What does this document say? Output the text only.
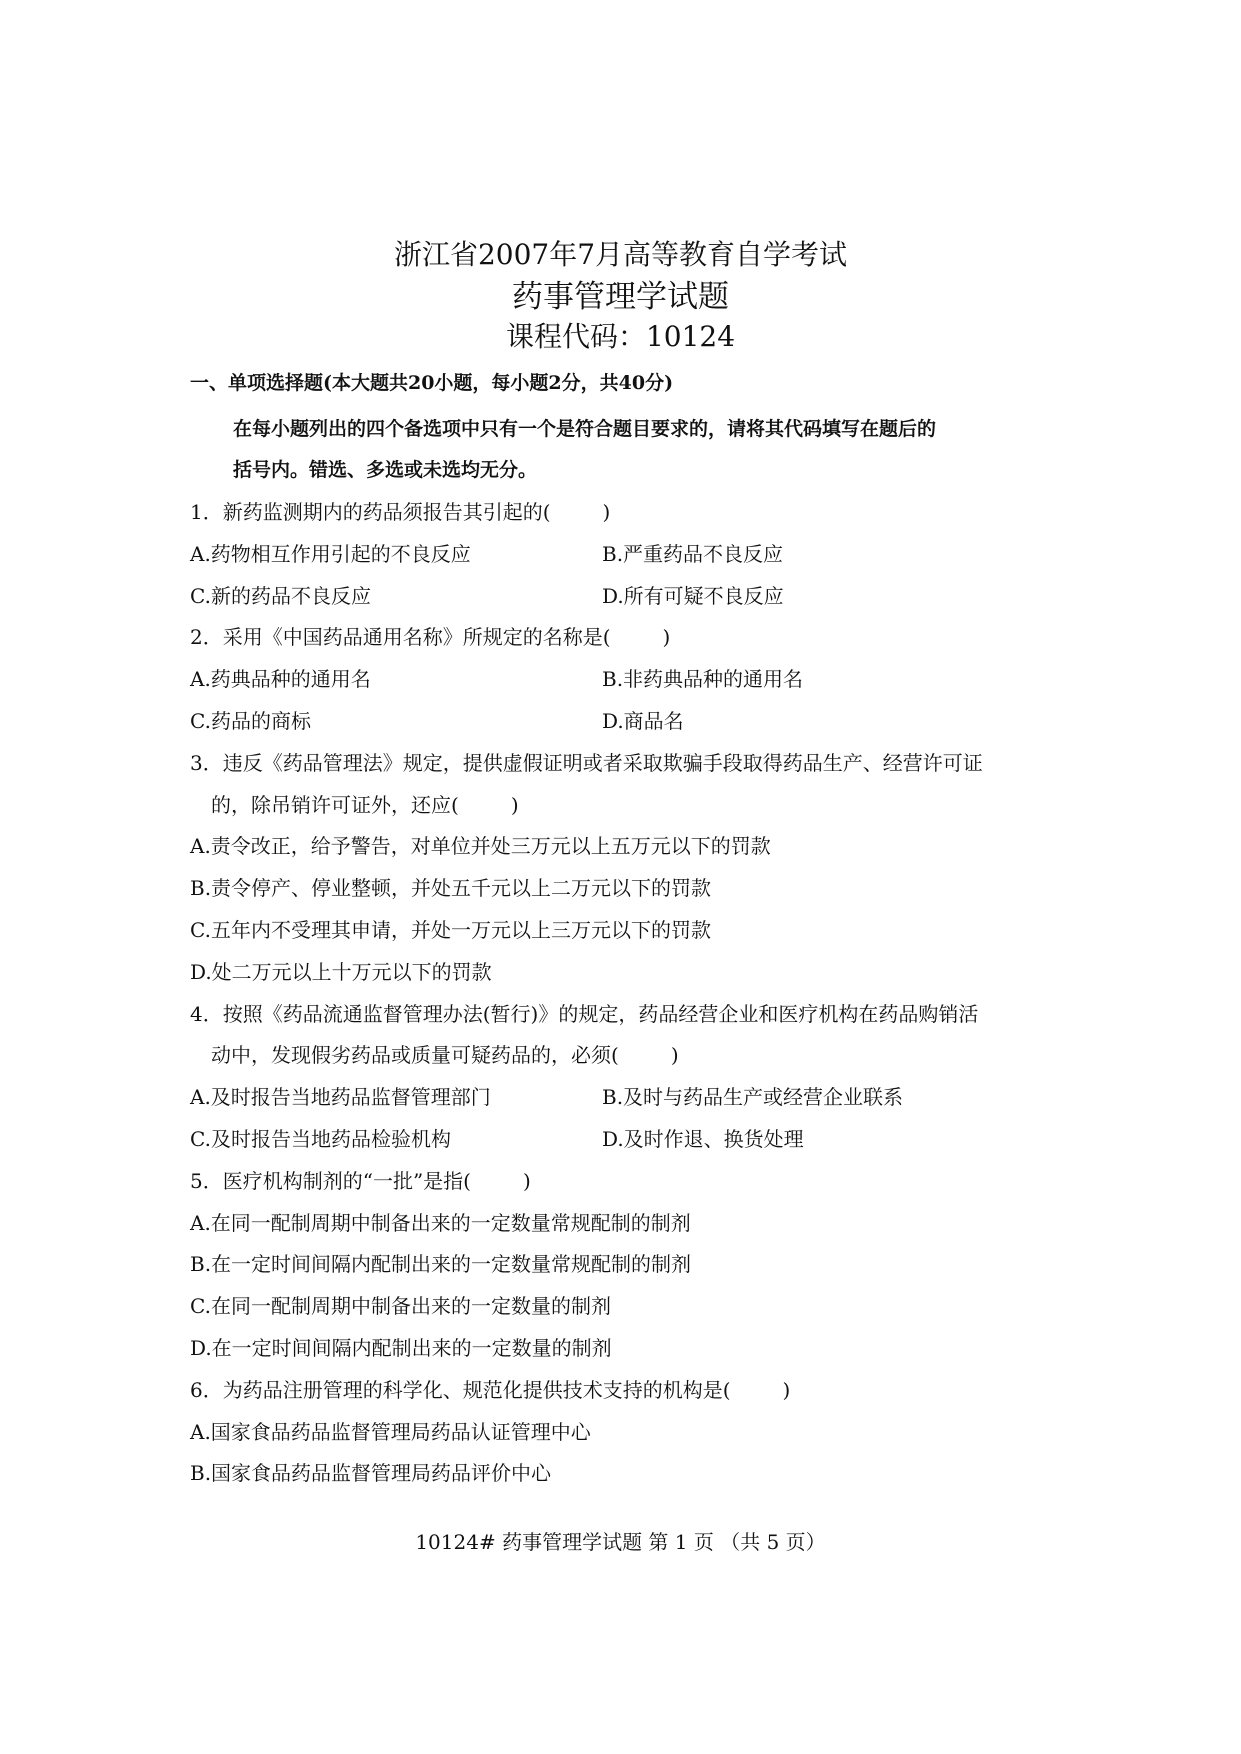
浙江省2007年7月高等教育自学考试
药事管理学试题
课程代码：10124
一、单项选择题(本大题共20小题，每小题2分，共40分)
在每小题列出的四个备选项中只有一个是符合题目要求的，请将其代码填写在题后的
括号内。错选、多选或未选均无分。
1．新药监测期内的药品须报告其引起的(	)
A.药物相互作用引起的不良反应	B.严重药品不良反应
C.新的药品不良反应	D.所有可疑不良反应
2．采用《中国药品通用名称》所规定的名称是(	)
A.药典品种的通用名	B.非药典品种的通用名
C.药品的商标	D.商品名
3．违反《药品管理法》规定，提供虚假证明或者采取欺骗手段取得药品生产、经营许可证
的，除吊销许可证外，还应(	)
A.责令改正，给予警告，对单位并处三万元以上五万元以下的罚款
B.责令停产、停业整顿，并处五千元以上二万元以下的罚款
C.五年内不受理其申请，并处一万元以上三万元以下的罚款
D.处二万元以上十万元以下的罚款
4．按照《药品流通监督管理办法(暂行)》的规定，药品经营企业和医疗机构在药品购销活
动中，发现假劣药品或质量可疑药品的，必须(	)
A.及时报告当地药品监督管理部门	B.及时与药品生产或经营企业联系
C.及时报告当地药品检验机构	D.及时作退、换货处理
5．医疗机构制剂的“一批”是指(	)
A.在同一配制周期中制备出来的一定数量常规配制的制剂
B.在一定时间间隔内配制出来的一定数量常规配制的制剂
C.在同一配制周期中制备出来的一定数量的制剂
D.在一定时间间隔内配制出来的一定数量的制剂
6．为药品注册管理的科学化、规范化提供技术支持的机构是(	)
A.国家食品药品监督管理局药品认证管理中心
B.国家食品药品监督管理局药品评价中心
10124# 药事管理学试题 第 1 页 （共 5 页）
